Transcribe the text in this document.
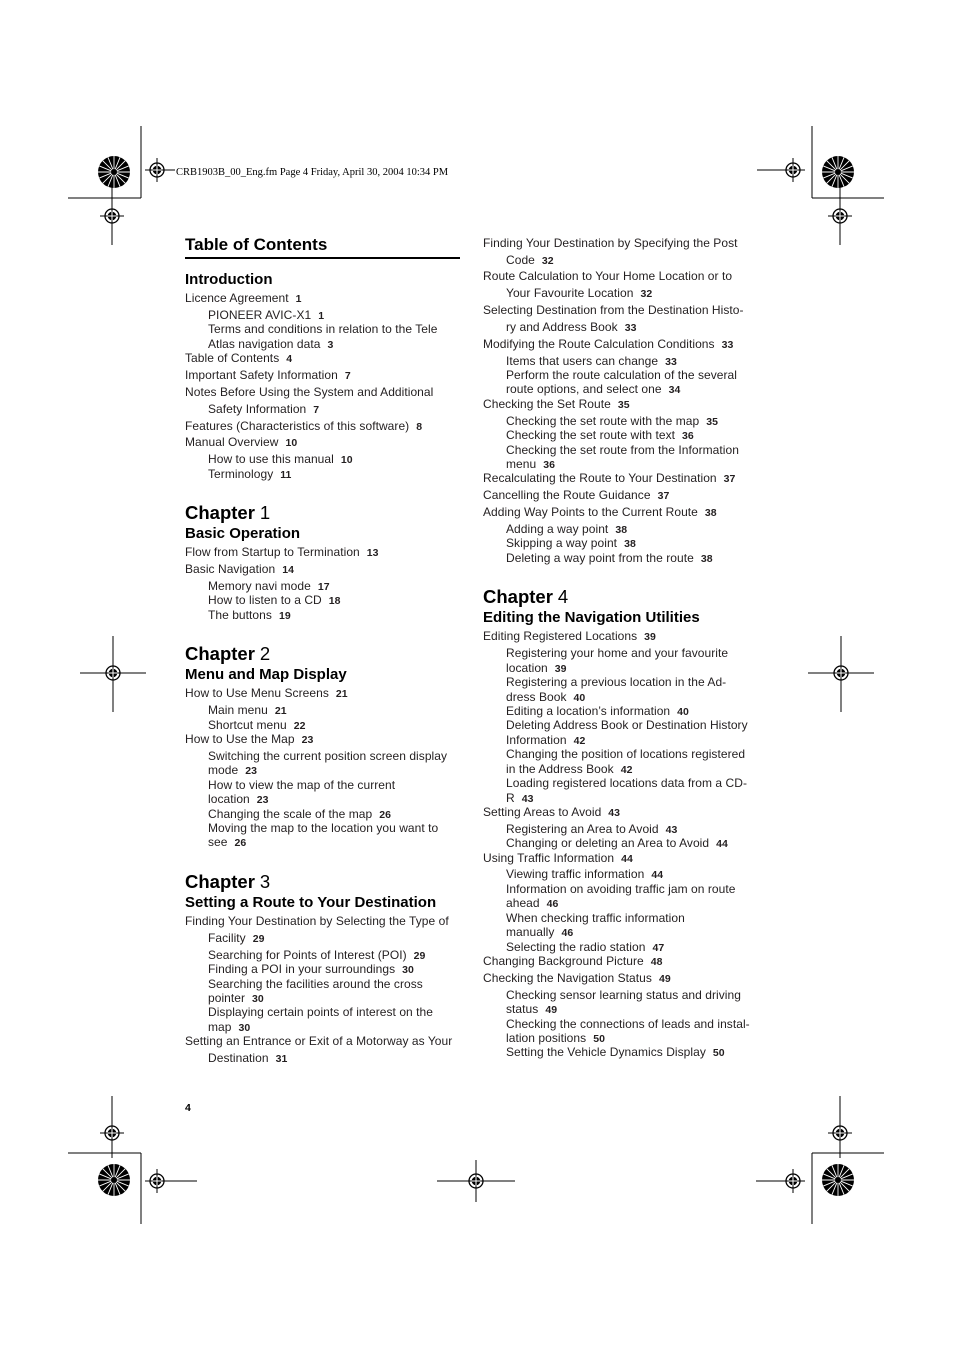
CRB1903B_00_Eng.fm Page 4 Friday, April 30, 2004 10:34 PM
Table of Contents
Introduction
Licence Agreement 1
PIONEER AVIC-X1 1
Terms and conditions in relation to the Tele
Atlas navigation data 3
Table of Contents 4
Important Safety Information 7
Notes Before Using the System and Additional
Safety Information 7
Features (Characteristics of this software) 8
Manual Overview 10
How to use this manual 10
Terminology 11
Chapter 1
Basic Operation
Flow from Startup to Termination 13
Basic Navigation 14
Memory navi mode 17
How to listen to a CD 18
The buttons 19
Chapter 2
Menu and Map Display
How to Use Menu Screens 21
Main menu 21
Shortcut menu 22
How to Use the Map 23
Switching the current position screen display
mode 23
How to view the map of the current
location 23
Changing the scale of the map 26
Moving the map to the location you want to
see 26
Chapter 3
Setting a Route to Your Destination
Finding Your Destination by Selecting the Type of
Facility 29
Searching for Points of Interest (POI) 29
Finding a POI in your surroundings 30
Searching the facilities around the cross
pointer 30
Displaying certain points of interest on the
map 30
Setting an Entrance or Exit of a Motorway as Your
Destination 31
Finding Your Destination by Specifying the Post
Code 32
Route Calculation to Your Home Location or to
Your Favourite Location 32
Selecting Destination from the Destination Histo-
ry and Address Book 33
Modifying the Route Calculation Conditions 33
Items that users can change 33
Perform the route calculation of the several
route options, and select one 34
Checking the Set Route 35
Checking the set route with the map 35
Checking the set route with text 36
Checking the set route from the Information
menu 36
Recalculating the Route to Your Destination 37
Cancelling the Route Guidance 37
Adding Way Points to the Current Route 38
Adding a way point 38
Skipping a way point 38
Deleting a way point from the route 38
Chapter 4
Editing the Navigation Utilities
Editing Registered Locations 39
Registering your home and your favourite
location 39
Registering a previous location in the Ad-
dress Book 40
Editing a location’s information 40
Deleting Address Book or Destination History
Information 42
Changing the position of locations registered
in the Address Book 42
Loading registered locations data from a CD-
R 43
Setting Areas to Avoid 43
Registering an Area to Avoid 43
Changing or deleting an Area to Avoid 44
Using Traffic Information 44
Viewing traffic information 44
Information on avoiding traffic jam on route
ahead 46
When checking traffic information
manually 46
Selecting the radio station 47
Changing Background Picture 48
Checking the Navigation Status 49
Checking sensor learning status and driving
status 49
Checking the connections of leads and instal-
lation positions 50
Setting the Vehicle Dynamics Display 50
4
